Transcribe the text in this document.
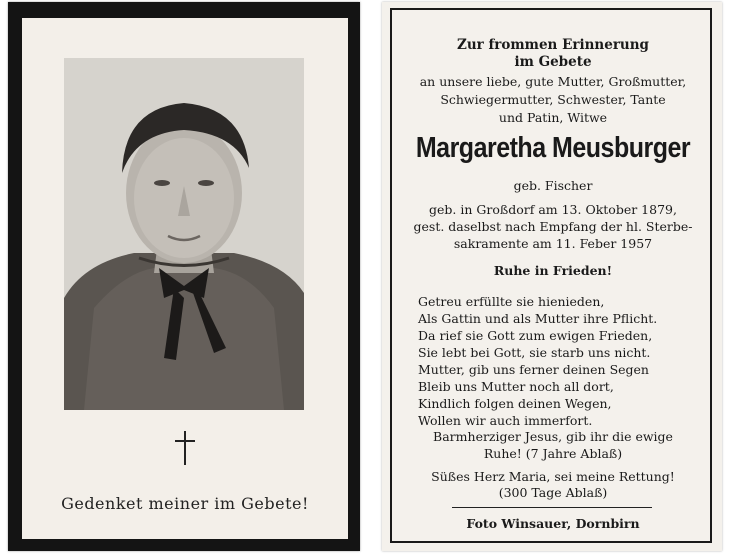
Gedenket meiner im Gebete!
Zur frommen Erinnerung
im Gebete
an unsere liebe, gute Mutter, Großmutter,
Schwiegermutter, Schwester, Tante
und Patin, Witwe
Margaretha Meusburger
geb. Fischer
geb. in Großdorf am 13. Oktober 1879,
gest. daselbst nach Empfang der hl. Sterbe-
sakramente am 11. Feber 1957
Ruhe in Frieden!
Getreu erfüllte sie hienieden,
Als Gattin und als Mutter ihre Pflicht.
Da rief sie Gott zum ewigen Frieden,
Sie lebt bei Gott, sie starb uns nicht.
Mutter, gib uns ferner deinen Segen
Bleib uns Mutter noch all dort,
Kindlich folgen deinen Wegen,
Wollen wir auch immerfort.
Barmherziger Jesus, gib ihr die ewige
Ruhe! (7 Jahre Ablaß)
Süßes Herz Maria, sei meine Rettung!
(300 Tage Ablaß)
Foto Winsauer, Dornbirn
